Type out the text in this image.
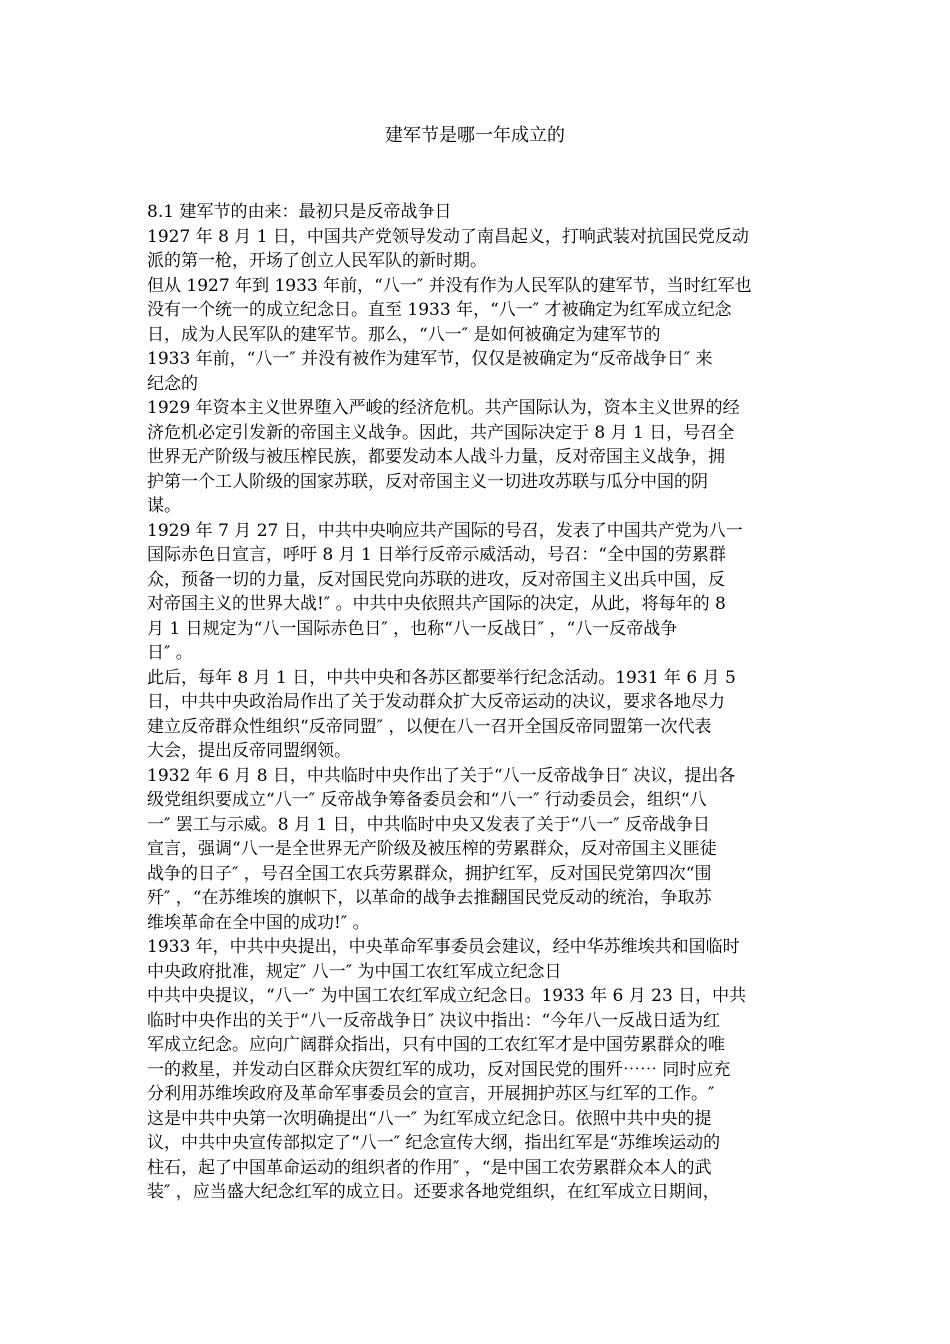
建军节是哪一年成立的
8.1 建军节的由来：最初只是反帝战争日
1927 年 8 月 1 日，中国共产党领导发动了南昌起义，打响武装对抗国民党反动
派的第一枪，开场了创立人民军队的新时期。
但从 1927 年到 1933 年前，“八一″ 并没有作为人民军队的建军节，当时红军也
没有一个统一的成立纪念日。直至 1933 年，“八一″ 才被确定为红军成立纪念
日，成为人民军队的建军节。那么，“八一″ 是如何被确定为建军节的
1933 年前，“八一″ 并没有被作为建军节，仅仅是被确定为“反帝战争日″ 来
纪念的
1929 年资本主义世界堕入严峻的经济危机。共产国际认为，资本主义世界的经
济危机必定引发新的帝国主义战争。因此，共产国际决定于 8 月 1 日，号召全
世界无产阶级与被压榨民族，都要发动本人战斗力量，反对帝国主义战争，拥
护第一个工人阶级的国家苏联，反对帝国主义一切进攻苏联与瓜分中国的阴
谋。
1929 年 7 月 27 日，中共中央响应共产国际的号召，发表了中国共产党为八一
国际赤色日宣言，呼吁 8 月 1 日举行反帝示威活动，号召：“全中国的劳累群
众，预备一切的力量，反对国民党向苏联的进攻，反对帝国主义出兵中国，反
对帝国主义的世界大战!″ 。中共中央依照共产国际的决定，从此，将每年的 8
月 1 日规定为“八一国际赤色日″ ，也称“八一反战日″ ，“八一反帝战争
日″ 。
此后，每年 8 月 1 日，中共中央和各苏区都要举行纪念活动。1931 年 6 月 5
日，中共中央政治局作出了关于发动群众扩大反帝运动的决议，要求各地尽力
建立反帝群众性组织“反帝同盟″ ，以便在八一召开全国反帝同盟第一次代表
大会，提出反帝同盟纲领。
1932 年 6 月 8 日，中共临时中央作出了关于“八一反帝战争日″ 决议，提出各
级党组织要成立“八一″ 反帝战争筹备委员会和“八一″ 行动委员会，组织“八
一″ 罢工与示威。8 月 1 日，中共临时中央又发表了关于“八一″ 反帝战争日
宣言，强调“八一是全世界无产阶级及被压榨的劳累群众，反对帝国主义匪徒
战争的日子″ ，号召全国工农兵劳累群众，拥护红军，反对国民党第四次“围
歼″ ，“在苏维埃的旗帜下，以革命的战争去推翻国民党反动的统治，争取苏
维埃革命在全中国的成功!″ 。
1933 年，中共中央提出，中央革命军事委员会建议，经中华苏维埃共和国临时
中央政府批准，规定″ 八一″ 为中国工农红军成立纪念日
中共中央提议，“八一″ 为中国工农红军成立纪念日。1933 年 6 月 23 日，中共
临时中央作出的关于“八一反帝战争日″ 决议中指出：“今年八一反战日适为红
军成立纪念。应向广阔群众指出，只有中国的工农红军才是中国劳累群众的唯
一的救星，并发动白区群众庆贺红军的成功，反对国民党的围歼⋯⋯ 同时应充
分利用苏维埃政府及革命军事委员会的宣言，开展拥护苏区与红军的工作。″
这是中共中央第一次明确提出“八一″ 为红军成立纪念日。依照中共中央的提
议，中共中央宣传部拟定了“八一″ 纪念宣传大纲，指出红军是“苏维埃运动的
柱石，起了中国革命运动的组织者的作用″ ，“是中国工农劳累群众本人的武
装″ ，应当盛大纪念红军的成立日。还要求各地党组织，在红军成立日期间，
